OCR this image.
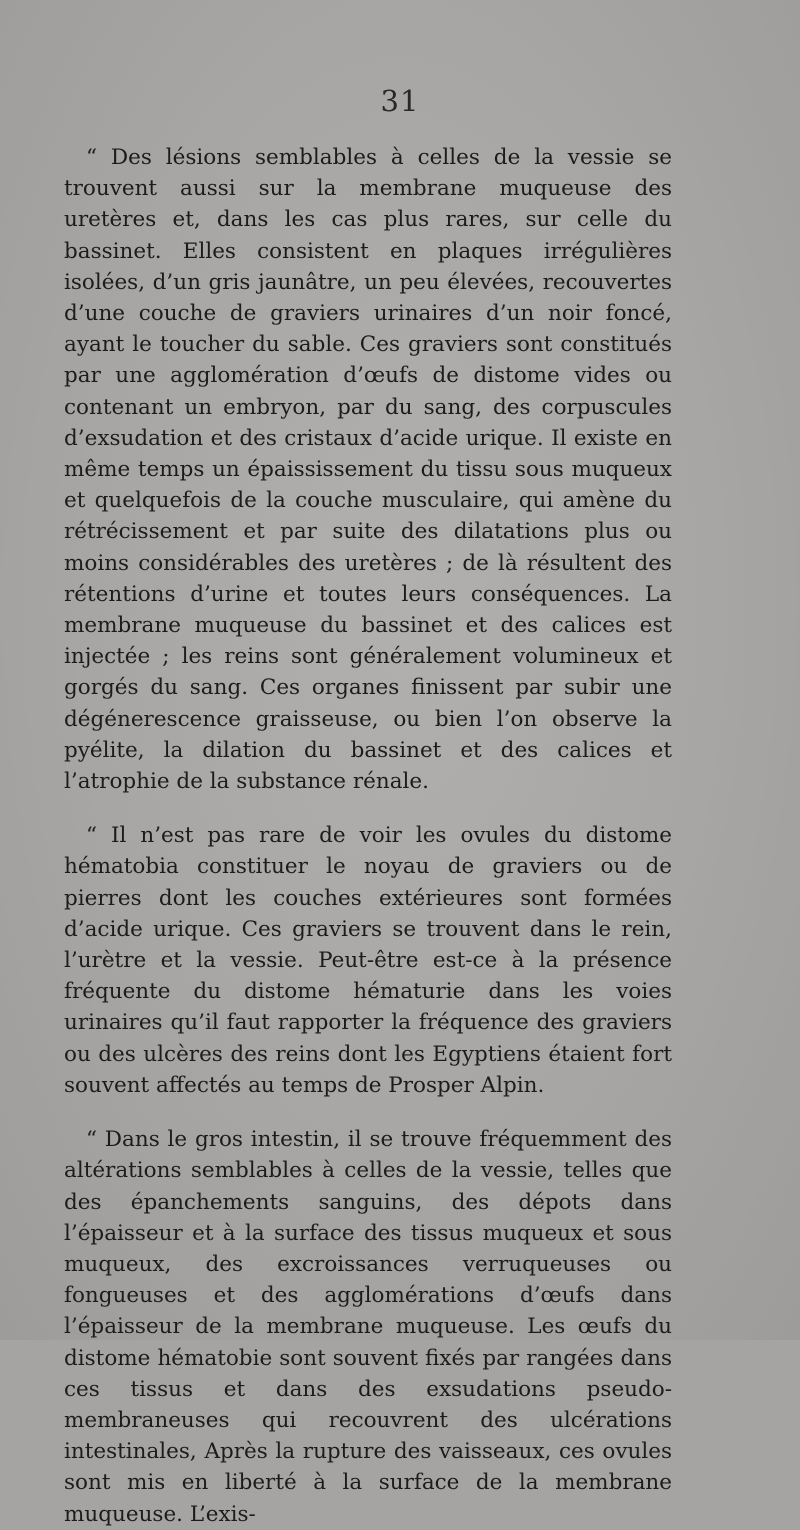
31

“ Des lésions semblables à celles de la vessie se trouvent aussi sur la membrane muqueuse des uretères et, dans les cas plus rares, sur celle du bassinet. Elles consistent en plaques irrégulières isolées, d’un gris jaunâtre, un peu élevées, recouvertes d’une couche de graviers urinaires d’un noir foncé, ayant le toucher du sable. Ces graviers sont constitués par une agglomération d’œufs de distome vides ou contenant un embryon, par du sang, des corpuscules d’exsudation et des cristaux d’acide urique. Il existe en même temps un épaississement du tissu sous muqueux et quelquefois de la couche musculaire, qui amène du rétrécissement et par suite des dilatations plus ou moins considérables des uretères ; de là résultent des rétentions d’urine et toutes leurs conséquences. La membrane muqueuse du bassinet et des calices est injectée ; les reins sont généralement volumineux et gorgés du sang. Ces organes finissent par subir une dégénerescence graisseuse, ou bien l’on observe la pyélite, la dilation du bassinet et des calices et l’atrophie de la substance rénale.

“ Il n’est pas rare de voir les ovules du distome hématobia constituer le noyau de graviers ou de pierres dont les couches extérieures sont formées d’acide urique. Ces graviers se trouvent dans le rein, l’urètre et la vessie. Peut-être est-ce à la présence fréquente du distome hématurie dans les voies urinaires qu’il faut rapporter la fréquence des graviers ou des ulcères des reins dont les Egyptiens étaient fort souvent affectés au temps de Prosper Alpin.

“ Dans le gros intestin, il se trouve fréquemment des altérations semblables à celles de la vessie, telles que des épanchements sanguins, des dépots dans l’épaisseur et à la surface des tissus muqueux et sous muqueux, des excroissances verruqueuses ou fongueuses et des agglomérations d’œufs dans l’épaisseur de la membrane muqueuse. Les œufs du distome hématobie sont souvent fixés par rangées dans ces tissus et dans des exsudations pseudo-membraneuses qui recouvrent des ulcérations intestinales, Après la rupture des vaisseaux, ces ovules sont mis en liberté à la surface de la membrane muqueuse. L’exis-
